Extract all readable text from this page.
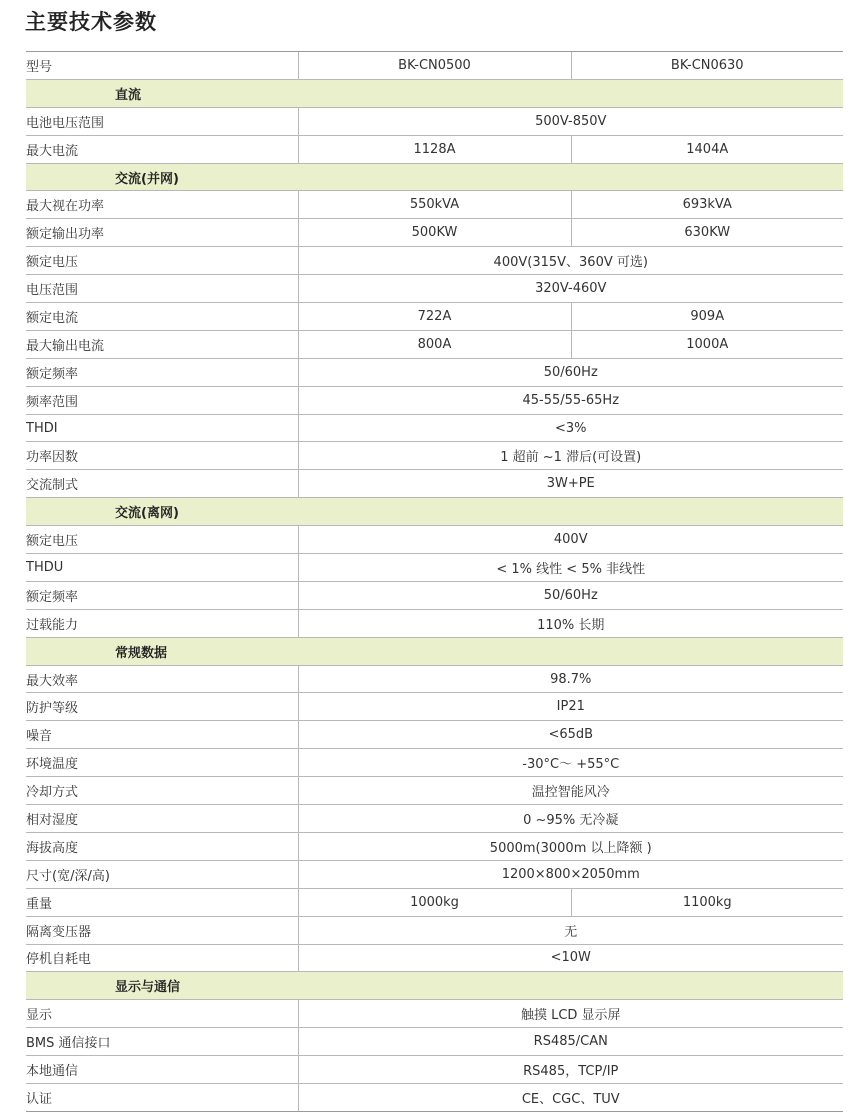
主要技术参数
型号	BK-CN0500	BK-CN0630
直流		
电池电压范围	500V-850V	
最大电流	1128A	1404A
交流(并网)		
最大视在功率	550kVA	693kVA
额定输出功率	500KW	630KW
额定电压	400V(315V、360V 可选)	
电压范围	320V-460V	
额定电流	722A	909A
最大输出电流	800A	1000A
额定频率	50/60Hz	
频率范围	45-55/55-65Hz	
THDI	<3%	
功率因数	1 超前 ~1 滞后(可设置)	
交流制式	3W+PE	
交流(离网)		
额定电压	400V	
THDU	< 1% 线性 < 5% 非线性	
额定频率	50/60Hz	
过载能力	110% 长期	
常规数据		
最大效率	98.7%	
防护等级	IP21	
噪音	<65dB	
环境温度	-30°C～ +55°C	
冷却方式	温控智能风冷	
相对湿度	0 ~95% 无冷凝	
海拔高度	5000m(3000m 以上降额 )	
尺寸(宽/深/高)	1200×800×2050mm	
重量	1000kg	1100kg
隔离变压器	无	
停机自耗电	<10W	
显示与通信		
显示	触摸 LCD 显示屏	
BMS 通信接口	RS485/CAN	
本地通信	RS485，TCP/IP	
认证	CE、CGC、TUV	
